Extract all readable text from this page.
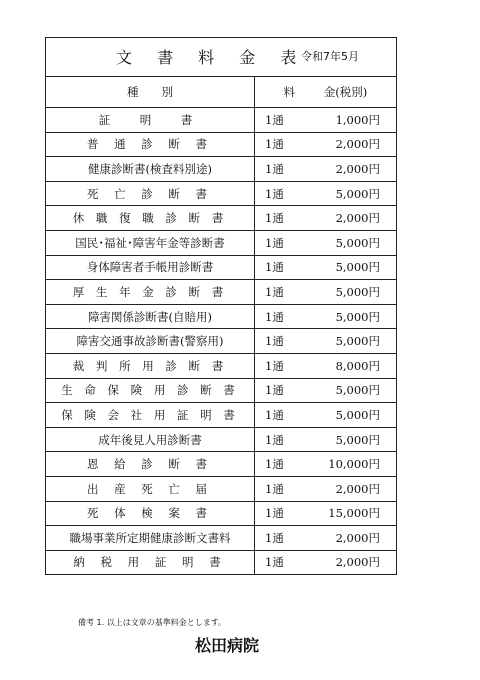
文 書 料 金 表
令和7年5月
種　　別	料	金(税別)
証　明　書	1通	1,000円
普 通 診 断 書	1通	2,000円
健康診断書(検査料別途)	1通	2,000円
死 亡 診 断 書	1通	5,000円
休 職 復 職 診 断 書	1通	2,000円
国民･福祉･障害年金等診断書	1通	5,000円
身体障害者手帳用診断書	1通	5,000円
厚 生 年 金 診 断 書	1通	5,000円
障害関係診断書(自賠用)	1通	5,000円
障害交通事故診断書(警察用)	1通	5,000円
裁 判 所 用 診 断 書	1通	8,000円
生 命 保 険 用 診 断 書	1通	5,000円
保 険 会 社 用 証 明 書	1通	5,000円
成年後見人用診断書	1通	5,000円
恩 給 診 断 書	1通	10,000円
出 産 死 亡 届	1通	2,000円
死 体 検 案 書	1通	15,000円
職場事業所定期健康診断文書料	1通	2,000円
納 税 用 証 明 書	1通	2,000円
備考 1. 以上は文章の基準料金とします。
松田病院
